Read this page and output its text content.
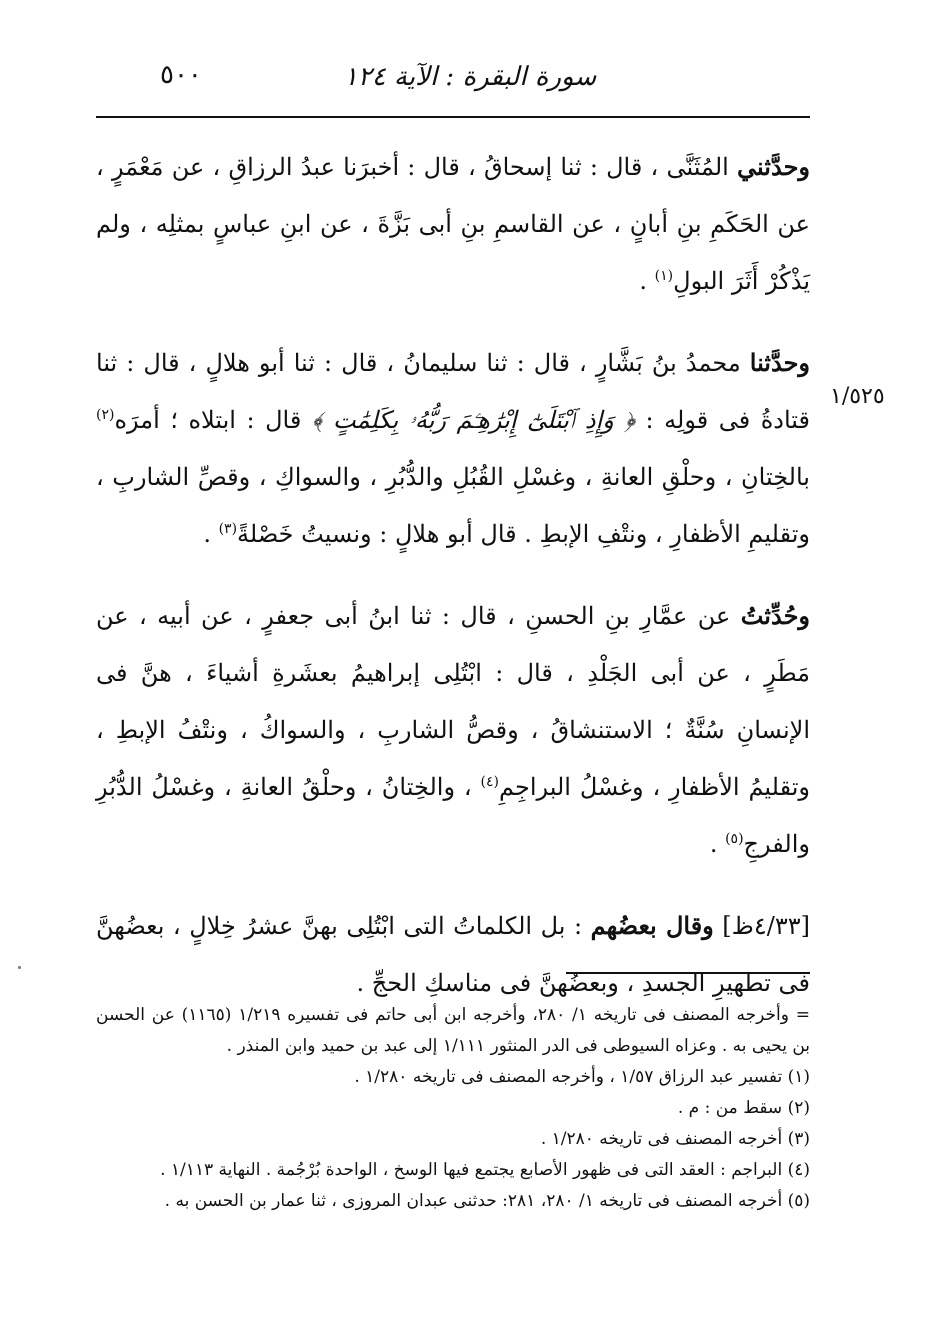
سورة البقرة : الآية ١٢٤
٥٠٠
١/٥٢٥

وحدَّثني المُثَنَّى ، قال : ثنا إسحاقُ ، قال : أخبرَنا عبدُ الرزاقِ ، عن مَعْمَرٍ ، عن الحَكَمِ بنِ أبانٍ ، عن القاسمِ بنِ أبى بَزَّةَ ، عن ابنِ عباسٍ بمثلِه ، ولم يَذْكُرْ أَثَرَ البولِ$^{(١)}$ .

وحدَّثنا محمدُ بنُ بَشَّارٍ ، قال : ثنا سليمانُ ، قال : ثنا أبو هلالٍ ، قال : ثنا قتادةُ فى قولِه : ﴿ وَإِذِ ٱبْتَلَىٰٓ إِبْرَٰهِـۧمَ رَبُّهُۥ بِكَلِمَٰتٍ ﴾ قال : ابتلاه ؛ أمرَه$^{(٢)}$ بالخِتانِ ، وحلْقِ العانةِ ، وغسْلِ القُبُلِ والدُّبُرِ ، والسواكِ ، وقصِّ الشاربِ ، وتقليمِ الأظفارِ ، ونتْفِ الإبطِ . قال أبو هلالٍ : ونسيتُ خَصْلةً$^{(٣)}$ .

وحُدِّثتُ عن عمَّارِ بنِ الحسنِ ، قال : ثنا ابنُ أبى جعفرٍ ، عن أبيه ، عن مَطَرٍ ، عن أبى الجَلْدِ ، قال : ابْتُلِى إبراهيمُ بعشَرةِ أشياءَ ، هنَّ فى الإنسانِ سُنَّةٌ ؛ الاستنشاقُ ، وقصُّ الشاربِ ، والسواكُ ، ونتْفُ الإبطِ ، وتقليمُ الأظفارِ ، وغسْلُ البراجِمِ$^{(٤)}$ ، والخِتانُ ، وحلْقُ العانةِ ، وغسْلُ الدُّبُرِ والفرجِ$^{(٥)}$ .

[٤/٣٣ظ] وقال بعضُهم : بل الكلماتُ التى ابْتُلِى بهنَّ عشرُ خِلالٍ ، بعضُهنَّ فى تطهيرِ الجسدِ ، وبعضُهنَّ فى مناسكِ الحجِّ .

= وأخرجه المصنف فى تاريخه ١/ ٢٨٠، وأخرجه ابن أبى حاتم فى تفسيره ١/٢١٩ (١١٦٥) عن الحسن بن يحيى به . وعزاه السيوطى فى الدر المنثور ١/١١١ إلى عبد بن حميد وابن المنذر .

(١) تفسير عبد الرزاق ١/٥٧ ، وأخرجه المصنف فى تاريخه ١/٢٨٠ .

(٢) سقط من : م .

(٣) أخرجه المصنف فى تاريخه ١/٢٨٠ .

(٤) البراجم : العقد التى فى ظهور الأصابع يجتمع فيها الوسخ ، الواحدة بُرْجُمة . النهاية ١/١١٣ .

(٥) أخرجه المصنف فى تاريخه ١/ ٢٨٠، ٢٨١: حدثنى عبدان المروزى ، ثنا عمار بن الحسن به .
